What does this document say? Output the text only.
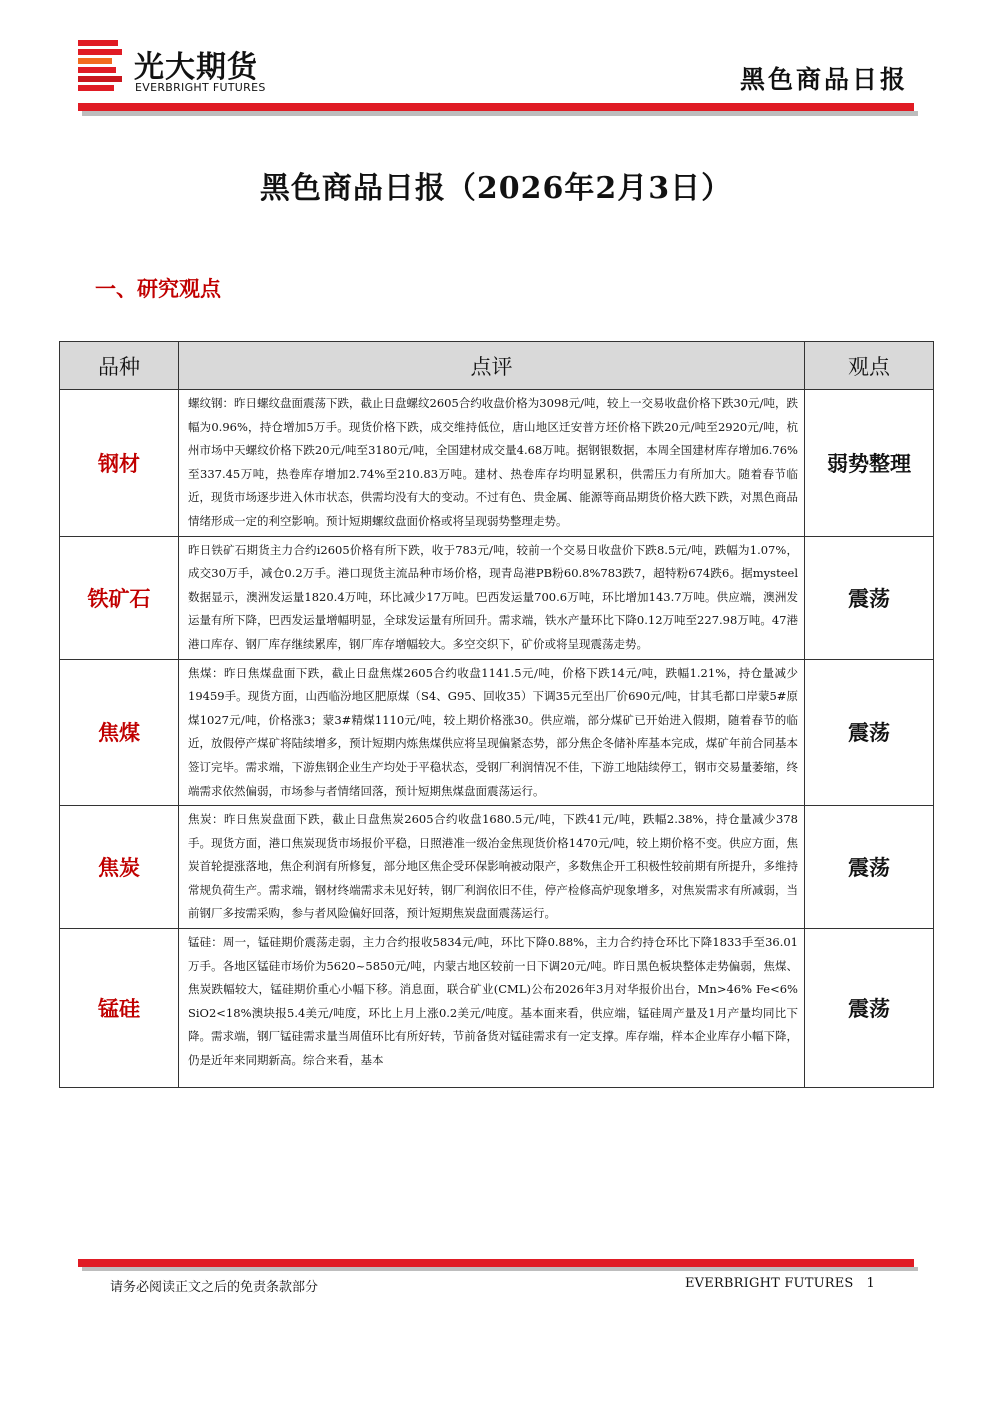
光大期货
EVERBRIGHT FUTURES	黑色商品日报
黑色商品日报（2026年2月3日）
一、研究观点
品种	点评	观点
钢材	螺纹钢：昨日螺纹盘面震荡下跌，截止日盘螺纹2605合约收盘价格为3098元/吨，较上一交易收盘价格下跌30元/吨，跌幅为0.96%，持仓增加5万手。现货价格下跌，成交维持低位，唐山地区迁安普方坯价格下跌20元/吨至2920元/吨，杭州市场中天螺纹价格下跌20元/吨至3180元/吨，全国建材成交量4.68万吨。据钢银数据，本周全国建材库存增加6.76%至337.45万吨，热卷库存增加2.74%至210.83万吨。建材、热卷库存均明显累积，供需压力有所加大。随着春节临近，现货市场逐步进入休市状态，供需均没有大的变动。不过有色、贵金属、能源等商品期货价格大跌下跌，对黑色商品情绪形成一定的利空影响。预计短期螺纹盘面价格或将呈现弱势整理走势。	弱势整理
铁矿石	昨日铁矿石期货主力合约i2605价格有所下跌，收于783元/吨，较前一个交易日收盘价下跌8.5元/吨，跌幅为1.07%，成交30万手，减仓0.2万手。港口现货主流品种市场价格，现青岛港PB粉60.8%783跌7，超特粉674跌6。据mysteel数据显示，澳洲发运量1820.4万吨，环比减少17万吨。巴西发运量700.6万吨，环比增加143.7万吨。供应端，澳洲发运量有所下降，巴西发运量增幅明显，全球发运量有所回升。需求端，铁水产量环比下降0.12万吨至227.98万吨。47港港口库存、钢厂库存继续累库，钢厂库存增幅较大。多空交织下，矿价或将呈现震荡走势。	震荡
焦煤	焦煤：昨日焦煤盘面下跌，截止日盘焦煤2605合约收盘1141.5元/吨，价格下跌14元/吨，跌幅1.21%，持仓量减少19459手。现货方面，山西临汾地区肥原煤（S4、G95、回收35）下调35元至出厂价690元/吨，甘其毛都口岸蒙5#原煤1027元/吨，价格涨3；蒙3#精煤1110元/吨，较上期价格涨30。供应端，部分煤矿已开始进入假期，随着春节的临近，放假停产煤矿将陆续增多，预计短期内炼焦煤供应将呈现偏紧态势，部分焦企冬储补库基本完成，煤矿年前合同基本签订完毕。需求端，下游焦钢企业生产均处于平稳状态，受钢厂利润情况不佳，下游工地陆续停工，钢市交易量萎缩，终端需求依然偏弱，市场参与者情绪回落，预计短期焦煤盘面震荡运行。	震荡
焦炭	焦炭：昨日焦炭盘面下跌，截止日盘焦炭2605合约收盘1680.5元/吨，下跌41元/吨，跌幅2.38%，持仓量减少378手。现货方面，港口焦炭现货市场报价平稳，日照港准一级冶金焦现货价格1470元/吨，较上期价格不变。供应方面，焦炭首轮提涨落地，焦企利润有所修复，部分地区焦企受环保影响被动限产，多数焦企开工积极性较前期有所提升，多维持常规负荷生产。需求端，钢材终端需求未见好转，钢厂利润依旧不佳，停产检修高炉现象增多，对焦炭需求有所减弱，当前钢厂多按需采购，参与者风险偏好回落，预计短期焦炭盘面震荡运行。	震荡
锰硅	锰硅：周一，锰硅期价震荡走弱，主力合约报收5834元/吨，环比下降0.88%，主力合约持仓环比下降1833手至36.01万手。各地区锰硅市场价为5620~5850元/吨，内蒙古地区较前一日下调20元/吨。昨日黑色板块整体走势偏弱，焦煤、焦炭跌幅较大，锰硅期价重心小幅下移。消息面，联合矿业(CML)公布2026年3月对华报价出台，Mn>46% Fe<6% SiO2<18%澳块报5.4美元/吨度，环比上月上涨0.2美元/吨度。基本面来看，供应端，锰硅周产量及1月产量均同比下降。需求端，钢厂锰硅需求量当周值环比有所好转，节前备货对锰硅需求有一定支撑。库存端，样本企业库存小幅下降，仍是近年来同期新高。综合来看，基本	震荡
请务必阅读正文之后的免责条款部分	EVERBRIGHT FUTURES 1
